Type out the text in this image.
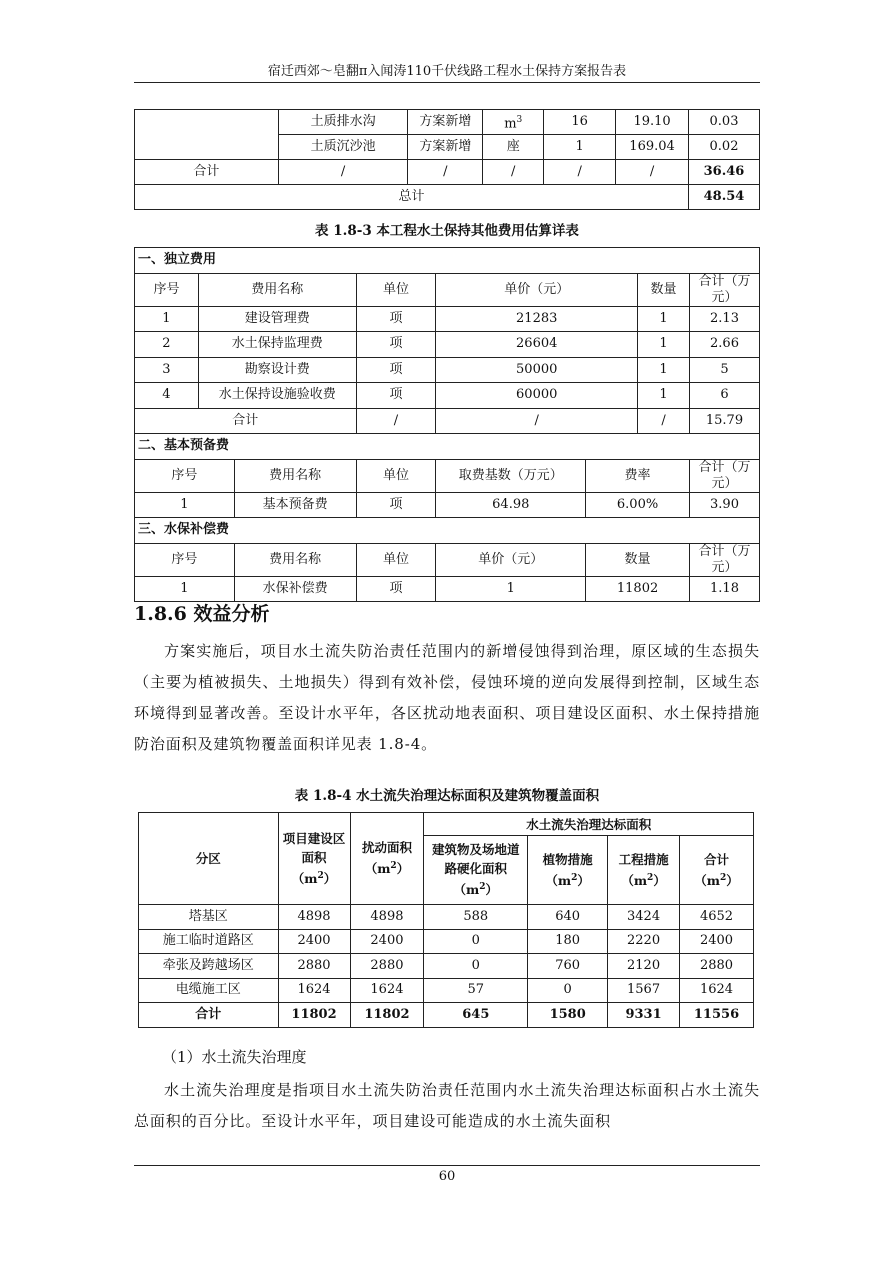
宿迁西郊～皂翻π入闻涛110千伏线路工程水土保持方案报告表
	土质排水沟	方案新增	$m^3$	16	19.10	0.03
	土质沉沙池	方案新增	座	1	169.04	0.02
合计	/	/	/	/	/	36.46
总计						48.54
表 1.8-3 本工程水土保持其他费用估算详表
一、独立费用							
序号	费用名称		单位	单价（元）		数量	合计（万元）
1	建设管理费		项	21283		1	2.13
2	水土保持监理费		项	26604		1	2.66
3	勘察设计费		项	50000		1	5
4	水土保持设施验收费		项	60000		1	6
合计			/	/		/	15.79
二、基本预备费							
序号		费用名称	单位	取费基数（万元）	费率		合计（万元）
1		基本预备费	项	64.98	6.00%		3.90
三、水保补偿费							
序号		费用名称	单位	单价（元）	数量		合计（万元）
1		水保补偿费	项	1	11802		1.18
1.8.6 效益分析

方案实施后，项目水土流失防治责任范围内的新增侵蚀得到治理，原区域的生态损失（主要为植被损失、土地损失）得到有效补偿，侵蚀环境的逆向发展得到控制，区域生态环境得到显著改善。至设计水平年，各区扰动地表面积、项目建设区面积、水土保持措施防治面积及建筑物覆盖面积详见表 1.8-4。

表 1.8-4 水土流失治理达标面积及建筑物覆盖面积
分区	项目建设区面积$(m^2)$	扰动面积$(m^2)$	水土流失治理达标面积			
			建筑物及场地道路硬化面积$(m^2)$	植物措施$(m^2)$	工程措施$(m^2)$	合计$(m^2)$
塔基区	4898	4898	588	640	3424	4652
施工临时道路区	2400	2400	0	180	2220	2400
牵张及跨越场区	2880	2880	0	760	2120	2880
电缆施工区	1624	1624	57	0	1567	1624
合计	11802	11802	645	1580	9331	11556
（1）水土流失治理度

水土流失治理度是指项目水土流失防治责任范围内水土流失治理达标面积占水土流失总面积的百分比。至设计水平年，项目建设可能造成的水土流失面积

60
